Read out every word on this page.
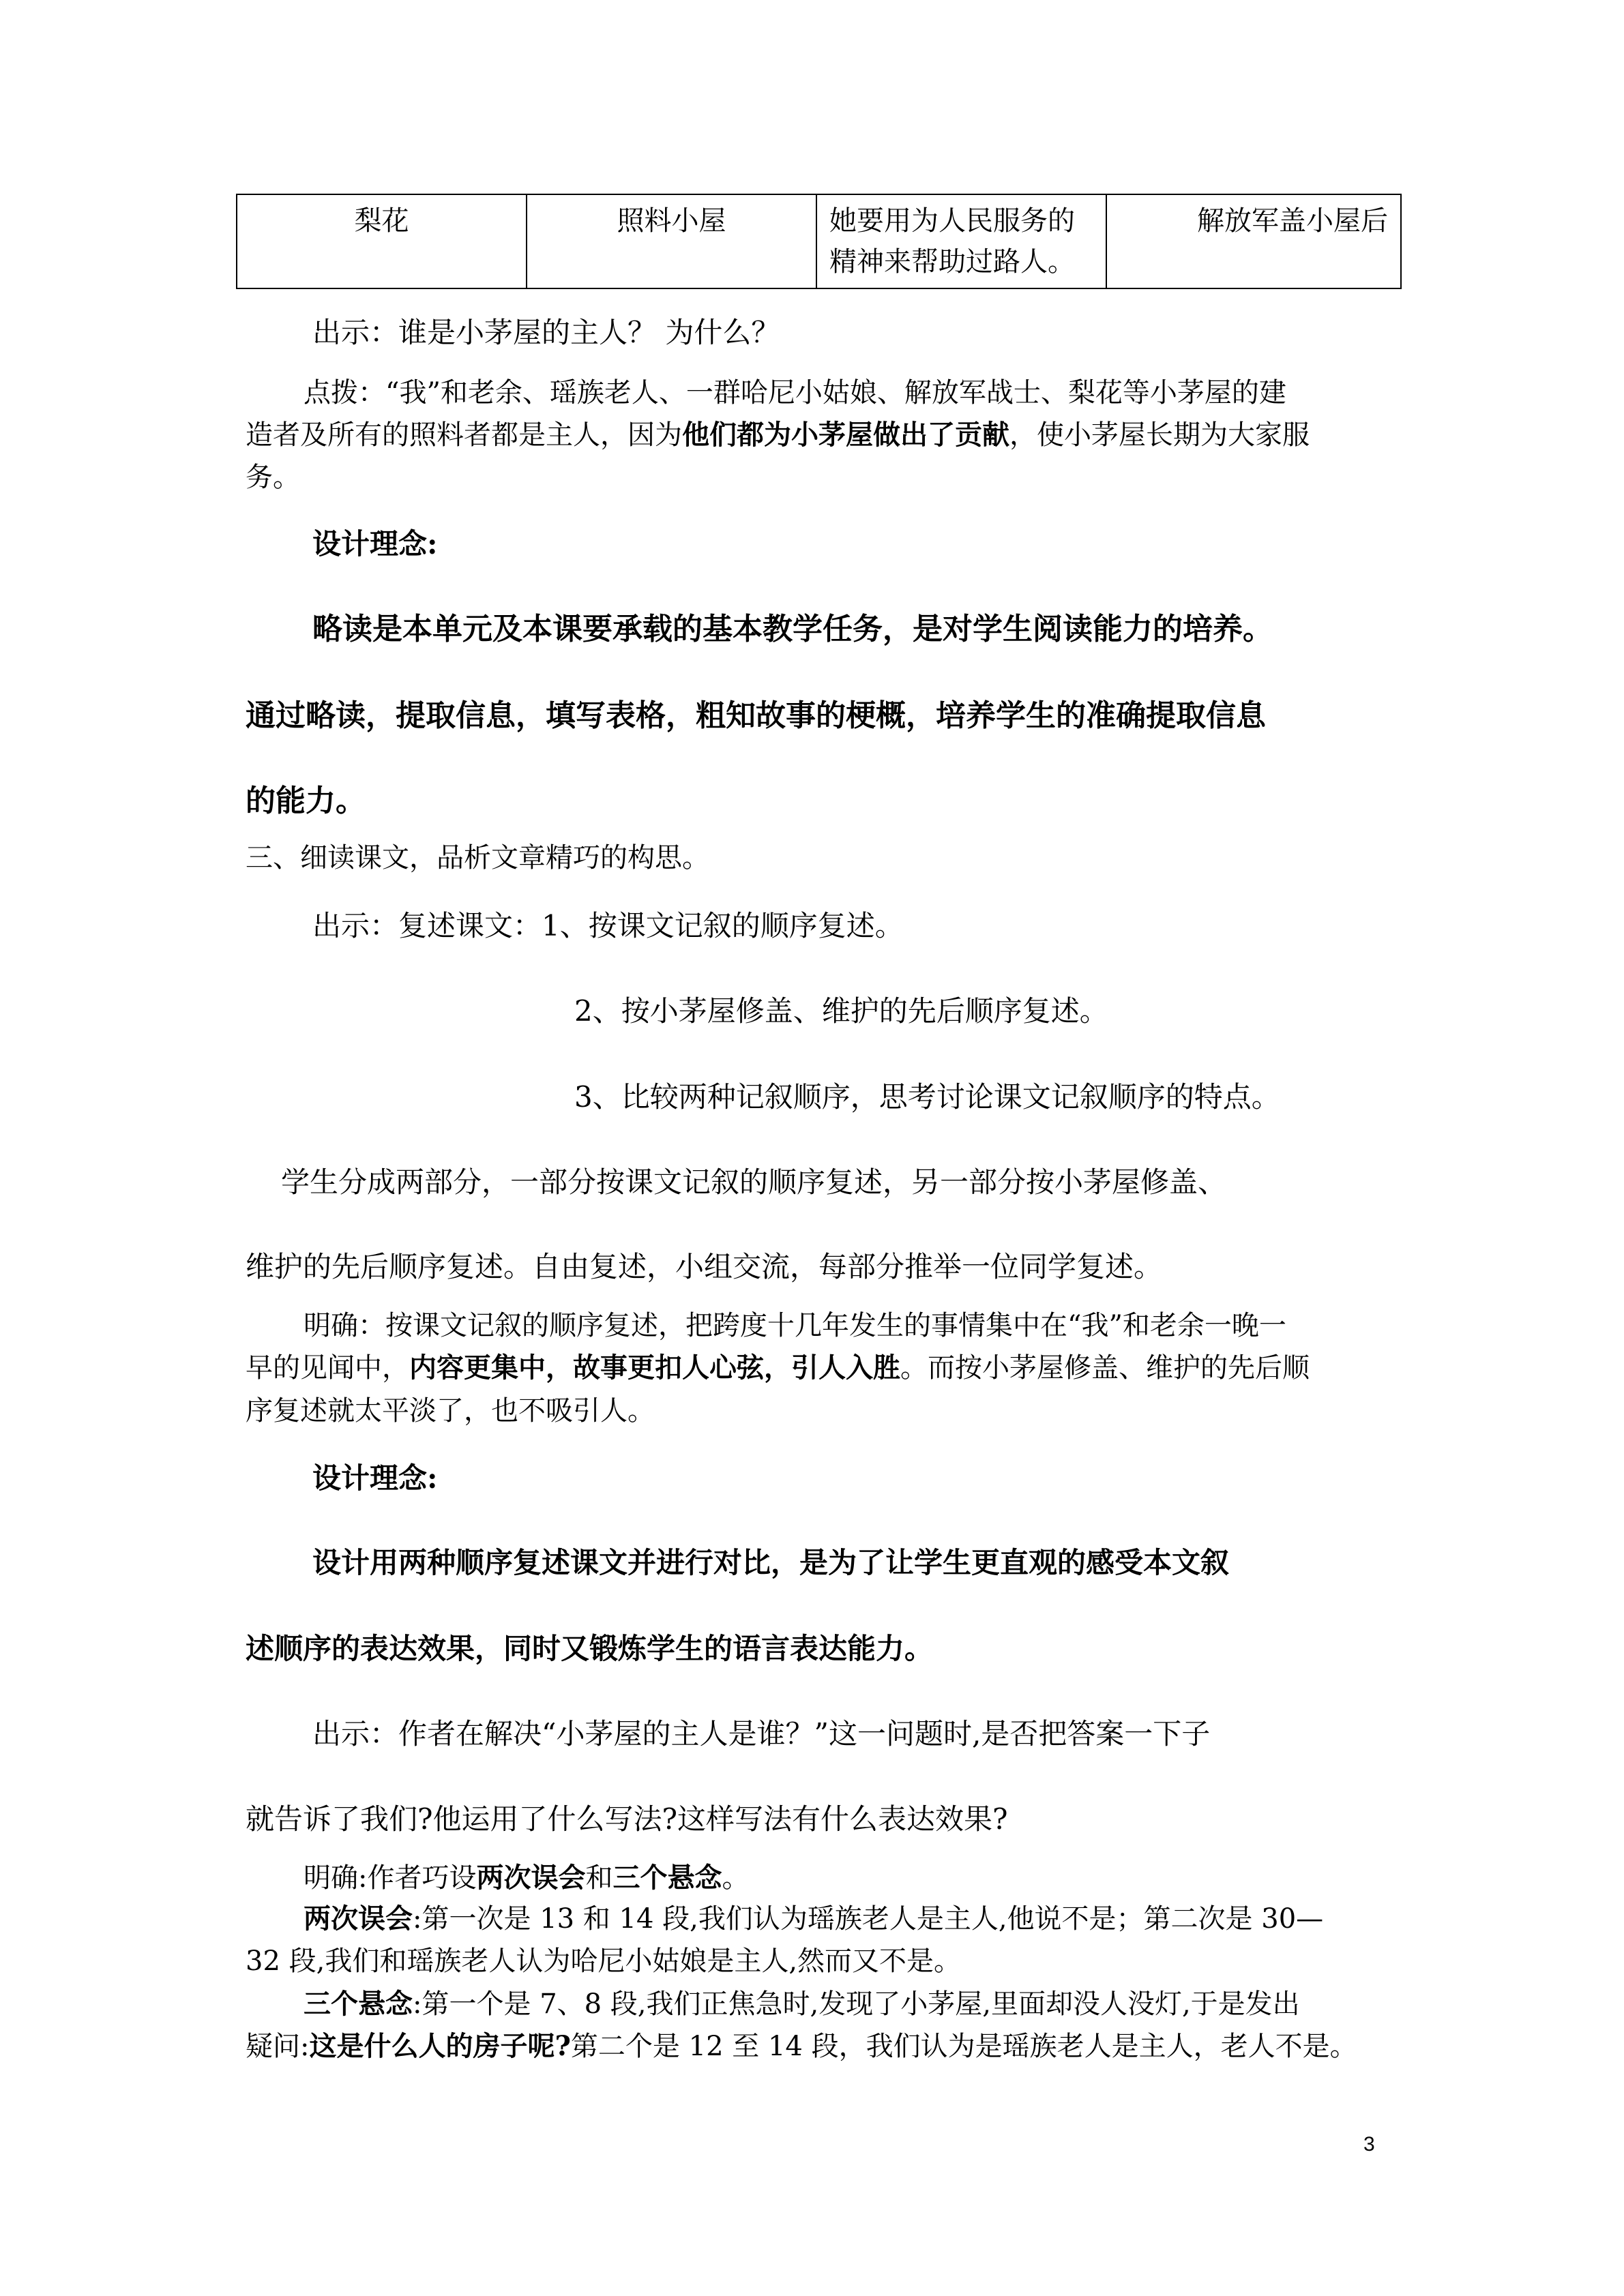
梨花	照料小屋	她要用为人民服务的精神来帮助过路人。	解放军盖小屋后
出示：谁是小茅屋的主人？ 为什么？
点拨：“我”和老余、瑶族老人、一群哈尼小姑娘、解放军战士、梨花等小茅屋的建
造者及所有的照料者都是主人，因为他们都为小茅屋做出了贡献，使小茅屋长期为大家服
务。
设计理念:
略读是本单元及本课要承载的基本教学任务，是对学生阅读能力的培养。
通过略读，提取信息，填写表格，粗知故事的梗概，培养学生的准确提取信息
的能力。
三、细读课文，品析文章精巧的构思。
出示：复述课文：1、按课文记叙的顺序复述。
2、按小茅屋修盖、维护的先后顺序复述。
3、比较两种记叙顺序，思考讨论课文记叙顺序的特点。
学生分成两部分，一部分按课文记叙的顺序复述，另一部分按小茅屋修盖、
维护的先后顺序复述。自由复述，小组交流，每部分推举一位同学复述。
明确：按课文记叙的顺序复述，把跨度十几年发生的事情集中在“我”和老余一晚一
早的见闻中，内容更集中，故事更扣人心弦，引人入胜。而按小茅屋修盖、维护的先后顺
序复述就太平淡了，也不吸引人。
设计理念:
设计用两种顺序复述课文并进行对比，是为了让学生更直观的感受本文叙
述顺序的表达效果，同时又锻炼学生的语言表达能力。
出示：作者在解决“小茅屋的主人是谁？”这一问题时,是否把答案一下子
就告诉了我们?他运用了什么写法?这样写法有什么表达效果?
明确:作者巧设两次误会和三个悬念。
两次误会:第一次是 13 和 14 段,我们认为瑶族老人是主人,他说不是；第二次是 30—
32 段,我们和瑶族老人认为哈尼小姑娘是主人,然而又不是。
三个悬念:第一个是 7、8 段,我们正焦急时,发现了小茅屋,里面却没人没灯,于是发出
疑问:这是什么人的房子呢?第二个是 12 至 14 段，我们认为是瑶族老人是主人，老人不是。
3
